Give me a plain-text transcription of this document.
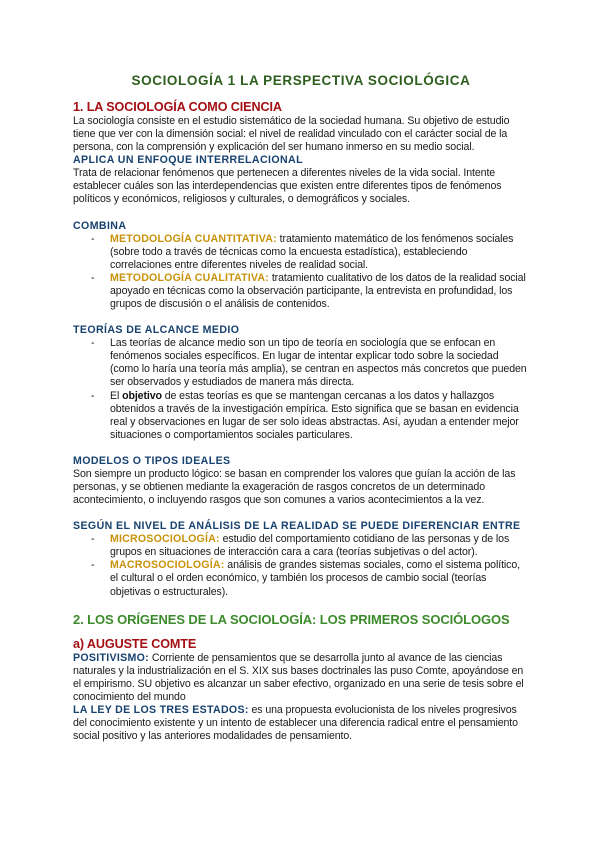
SOCIOLOGÍA 1 LA PERSPECTIVA SOCIOLÓGICA
1. LA SOCIOLOGÍA COMO CIENCIA

La sociología consiste en el estudio sistemático de la sociedad humana. Su objetivo de estudio tiene que ver con la dimensión social: el nivel de realidad vinculado con el carácter social de la persona, con la comprensión y explicación del ser humano inmerso en su medio social.

APLICA UN ENFOQUE INTERRELACIONAL

Trata de relacionar fenómenos que pertenecen a diferentes niveles de la vida social. Intente establecer cuáles son las interdependencias que existen entre diferentes tipos de fenómenos políticos y económicos, religiosos y culturales, o demográficos y sociales.

COMBINA
- METODOLOGÍA CUANTITATIVA: tratamiento matemático de los fenómenos sociales (sobre todo a través de técnicas como la encuesta estadística), estableciendo correlaciones entre diferentes niveles de realidad social.
- METODOLOGÍA CUALITATIVA: tratamiento cualitativo de los datos de la realidad social apoyado en técnicas como la observación participante, la entrevista en profundidad, los grupos de discusión o el análisis de contenidos.
TEORÍAS DE ALCANCE MEDIO
- Las teorías de alcance medio son un tipo de teoría en sociología que se enfocan en fenómenos sociales específicos. En lugar de intentar explicar todo sobre la sociedad (como lo haría una teoría más amplia), se centran en aspectos más concretos que pueden ser observados y estudiados de manera más directa.
- El objetivo de estas teorías es que se mantengan cercanas a los datos y hallazgos obtenidos a través de la investigación empírica. Esto significa que se basan en evidencia real y observaciones en lugar de ser solo ideas abstractas. Así, ayudan a entender mejor situaciones o comportamientos sociales particulares.
MODELOS O TIPOS IDEALES

Son siempre un producto lógico: se basan en comprender los valores que guían la acción de las personas, y se obtienen mediante la exageración de rasgos concretos de un determinado acontecimiento, o incluyendo rasgos que son comunes a varios acontecimientos a la vez.

SEGÚN EL NIVEL DE ANÁLISIS DE LA REALIDAD SE PUEDE DIFERENCIAR ENTRE
- MICROSOCIOLOGÍA: estudio del comportamiento cotidiano de las personas y de los grupos en situaciones de interacción cara a cara (teorías subjetivas o del actor).
- MACROSOCIOLOGÍA: análisis de grandes sistemas sociales, como el sistema político, el cultural o el orden económico, y también los procesos de cambio social (teorías objetivas o estructurales).
2. LOS ORÍGENES DE LA SOCIOLOGÍA: LOS PRIMEROS SOCIÓLOGOS
a) AUGUSTE COMTE

POSITIVISMO: Corriente de pensamientos que se desarrolla junto al avance de las ciencias naturales y la industrialización en el S. XIX sus bases doctrinales las puso Comte, apoyándose en el empirismo. SU objetivo es alcanzar un saber efectivo, organizado en una serie de tesis sobre el conocimiento del mundo

LA LEY DE LOS TRES ESTADOS: es una propuesta evolucionista de los niveles progresivos del conocimiento existente y un intento de establecer una diferencia radical entre el pensamiento social positivo y las anteriores modalidades de pensamiento.
